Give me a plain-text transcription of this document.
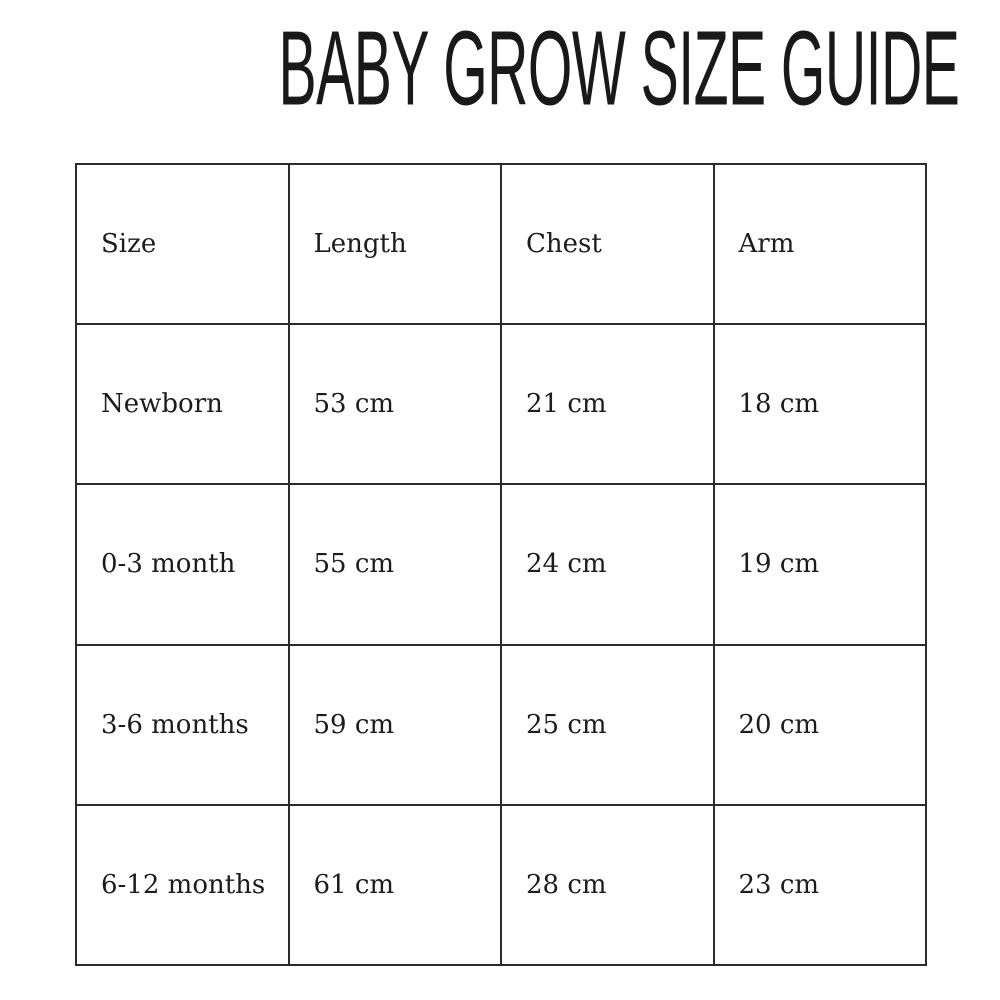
BABY GROW SIZE GUIDE
Size	Length	Chest	Arm
Newborn	53 cm	21 cm	18 cm
0-3 month	55 cm	24 cm	19 cm
3-6 months	59 cm	25 cm	20 cm
6-12 months	61 cm	28 cm	23 cm
